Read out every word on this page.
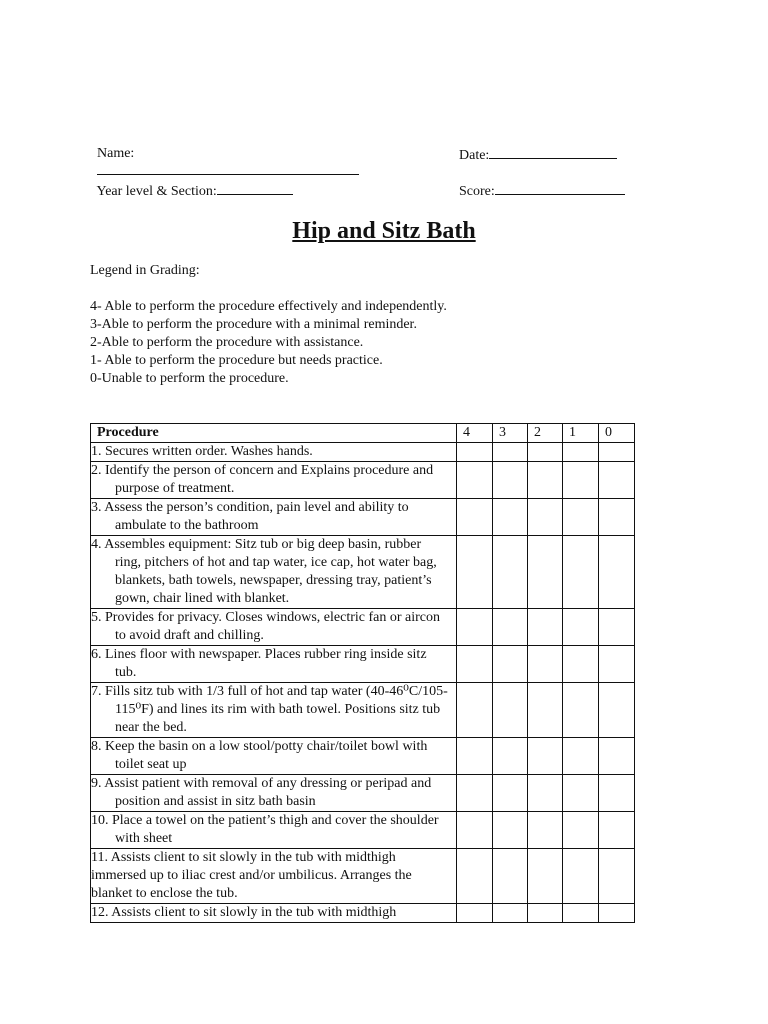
Name:
	Date:

Year level & Section:	Score:

Hip and Sitz Bath
Legend in Grading:
4- Able to perform the procedure effectively and independently.
3-Able to perform the procedure with a minimal reminder.
2-Able to perform the procedure with assistance.
1- Able to perform the procedure but needs practice.
0-Unable to perform the procedure.
Procedure	4	3	2	1	0
1. Secures written order. Washes hands.					
2. Identify the person of concern and Explains procedure and purpose of treatment.					
3. Assess the person’s condition, pain level and ability to ambulate to the bathroom					
4. Assembles equipment: Sitz tub or big deep basin, rubber ring, pitchers of hot and tap water, ice cap, hot water bag, blankets, bath towels, newspaper, dressing tray, patient’s gown, chair lined with blanket.					
5. Provides for privacy. Closes windows, electric fan or aircon to avoid draft and chilling.					
6. Lines floor with newspaper. Places rubber ring inside sitz tub.					
7. Fills sitz tub with 1/3 full of hot and tap water (40-46⁰C/105-115⁰F) and lines its rim with bath towel. Positions sitz tub near the bed.					
8. Keep the basin on a low stool/potty chair/toilet bowl with toilet seat up					
9. Assist patient with removal of any dressing or peripad and position and assist in sitz bath basin					
10. Place a towel on the patient’s thigh and cover the shoulder with sheet					
11. Assists client to sit slowly in the tub with midthigh immersed up to iliac crest and/or umbilicus. Arranges the blanket to enclose the tub.					
12. Assists client to sit slowly in the tub with midthigh					
